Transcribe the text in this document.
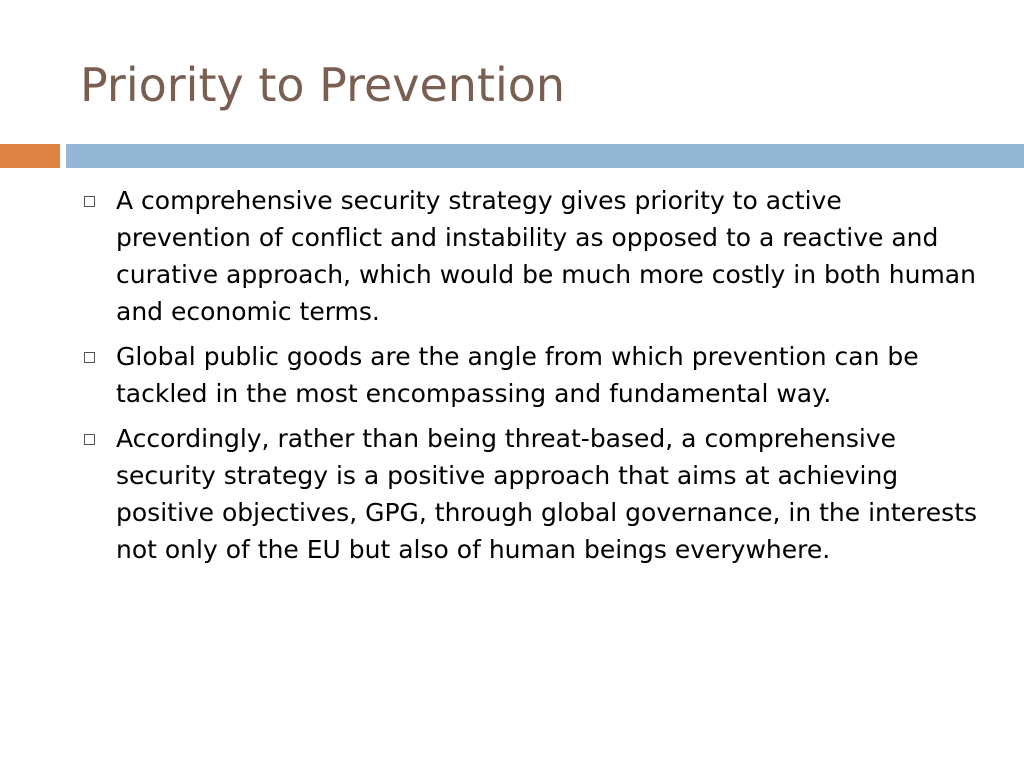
Priority to Prevention
A comprehensive security strategy gives priority to active prevention of conflict and instability as opposed to a reactive and curative approach, which would be much more costly in both human and economic terms.
Global public goods are the angle from which prevention can be tackled in the most encompassing and fundamental way.
Accordingly, rather than being threat-based, a comprehensive security strategy is a positive approach that aims at achieving positive objectives, GPG, through global governance, in the interests not only of the EU but also of human beings everywhere.
